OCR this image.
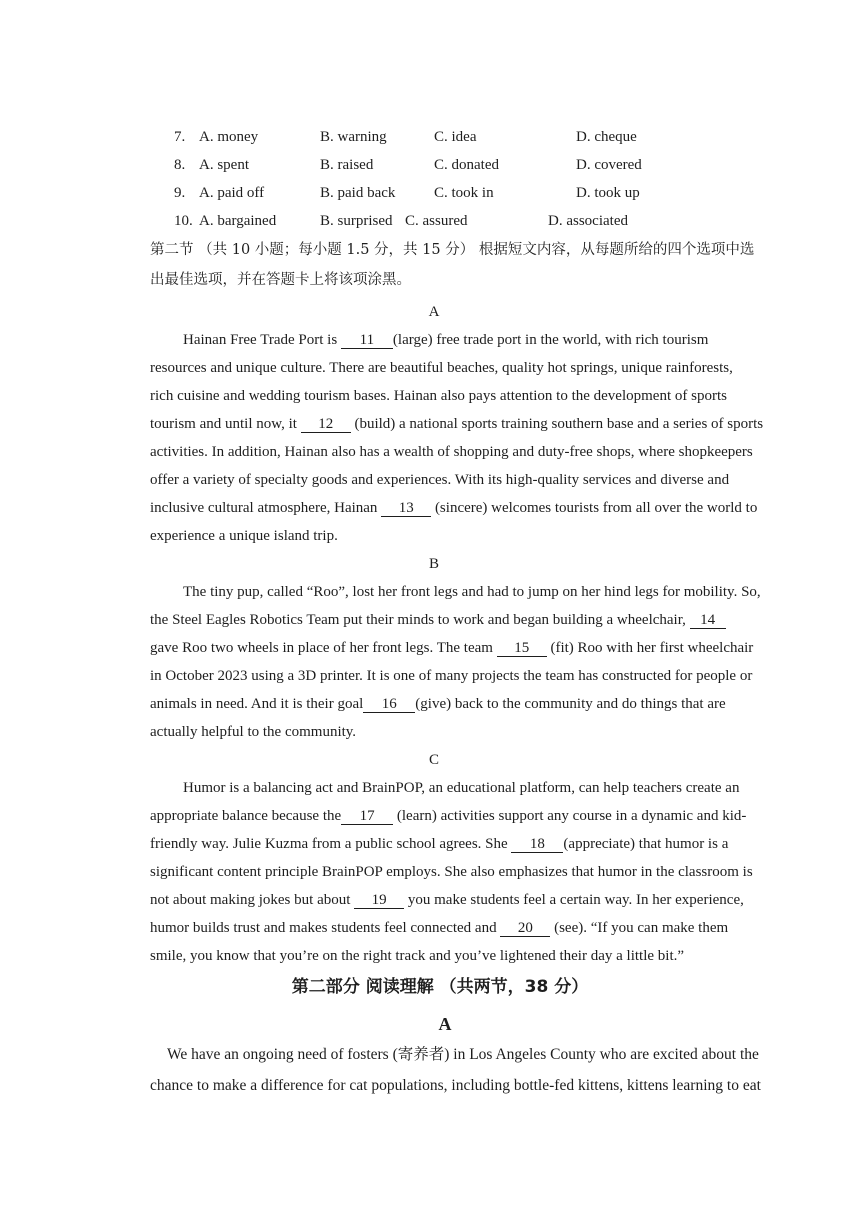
7. A. money	B. warning	C. idea	D. cheque
8. A. spent	B. raised	C. donated	D. covered
9. A. paid off	B. paid back	C. took in	D. took up
10. A. bargained	B. surprised C. assured	D. associated
第二节 （共 10 小题；每小题 1.5 分，共 15 分） 根据短文内容，从每题所给的四个选项中选
出最佳选项，并在答题卡上将该项涂黑。
A
Hainan Free Trade Port is 11 (large) free trade port in the world, with rich tourism
resources and unique culture. There are beautiful beaches, quality hot springs, unique rainforests,
rich cuisine and wedding tourism bases. Hainan also pays attention to the development of sports
tourism and until now, it 12 (build) a national sports training southern base and a series of sports
activities. In addition, Hainan also has a wealth of shopping and duty-free shops, where shopkeepers
offer a variety of specialty goods and experiences. With its high-quality services and diverse and
inclusive cultural atmosphere, Hainan 13 (sincere) welcomes tourists from all over the world to
experience a unique island trip.
B
The tiny pup, called “Roo”, lost her front legs and had to jump on her hind legs for mobility. So,
the Steel Eagles Robotics Team put their minds to work and began building a wheelchair, 14
gave Roo two wheels in place of her front legs. The team 15 (fit) Roo with her first wheelchair
in October 2023 using a 3D printer. It is one of many projects the team has constructed for people or
animals in need. And it is their goal 16 (give) back to the community and do things that are
actually helpful to the community.
C
Humor is a balancing act and BrainPOP, an educational platform, can help teachers create an
appropriate balance because the 17 (learn) activities support any course in a dynamic and kid-
friendly way. Julie Kuzma from a public school agrees. She 18 (appreciate) that humor is a
significant content principle BrainPOP employs. She also emphasizes that humor in the classroom is
not about making jokes but about 19 you make students feel a certain way. In her experience,
humor builds trust and makes students feel connected and 20 (see). “If you can make them
smile, you know that you’re on the right track and you’ve lightened their day a little bit.”
第二部分 阅读理解 （共两节，38 分）
A
We have an ongoing need of fosters (寄养者) in Los Angeles County who are excited about the
chance to make a difference for cat populations, including bottle-fed kittens, kittens learning to eat
